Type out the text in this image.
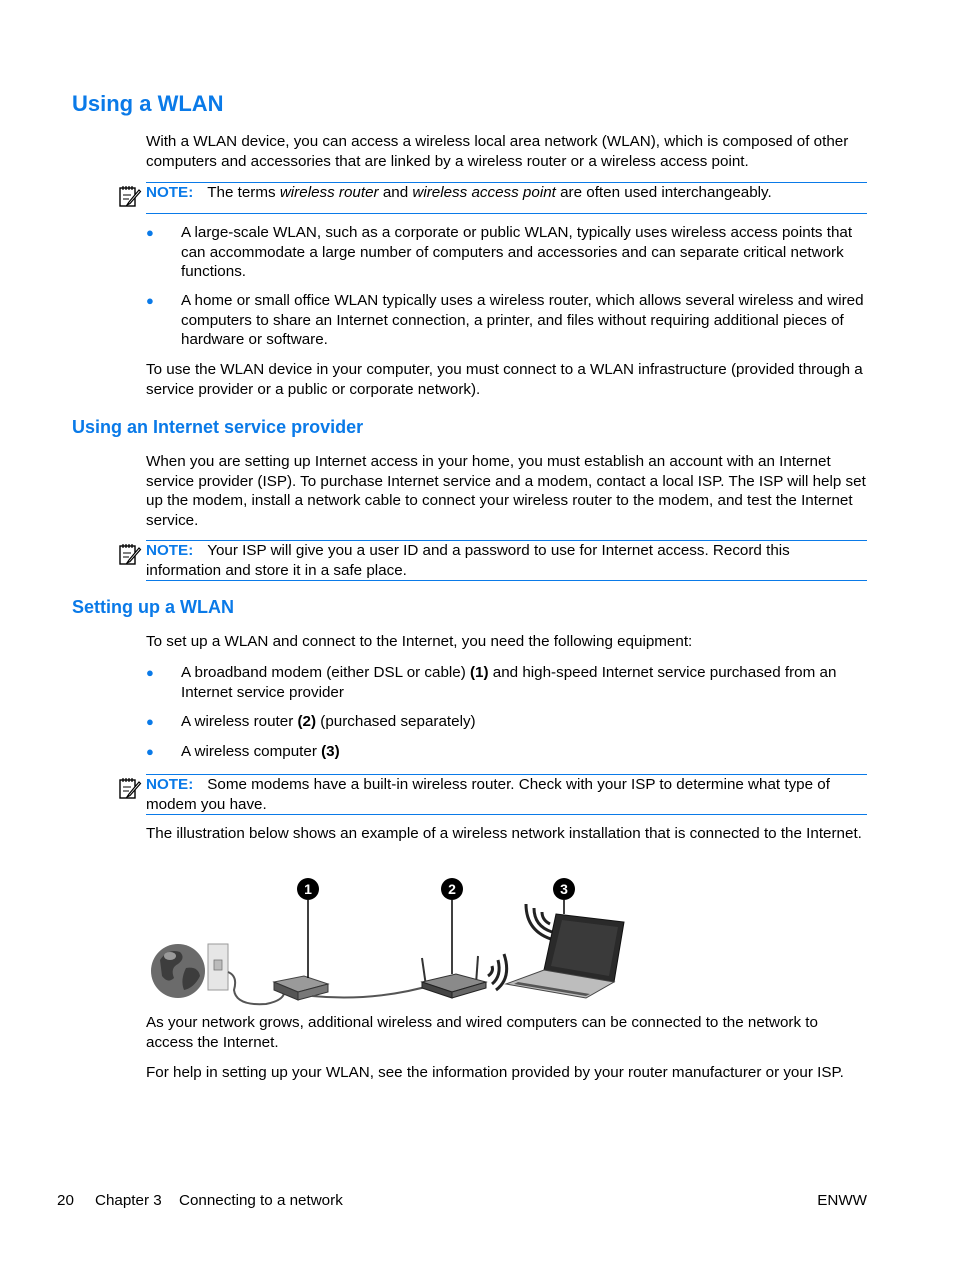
Using a WLAN
With a WLAN device, you can access a wireless local area network (WLAN), which is composed of other computers and accessories that are linked by a wireless router or a wireless access point.
NOTE: The terms wireless router and wireless access point are often used interchangeably.
● A large-scale WLAN, such as a corporate or public WLAN, typically uses wireless access points that can accommodate a large number of computers and accessories and can separate critical network functions.
● A home or small office WLAN typically uses a wireless router, which allows several wireless and wired computers to share an Internet connection, a printer, and files without requiring additional pieces of hardware or software.
To use the WLAN device in your computer, you must connect to a WLAN infrastructure (provided through a service provider or a public or corporate network).
Using an Internet service provider
When you are setting up Internet access in your home, you must establish an account with an Internet service provider (ISP). To purchase Internet service and a modem, contact a local ISP. The ISP will help set up the modem, install a network cable to connect your wireless router to the modem, and test the Internet service.
NOTE: Your ISP will give you a user ID and a password to use for Internet access. Record this information and store it in a safe place.
Setting up a WLAN
To set up a WLAN and connect to the Internet, you need the following equipment:
● A broadband modem (either DSL or cable) (1) and high-speed Internet service purchased from an Internet service provider
● A wireless router (2) (purchased separately)
● A wireless computer (3)
NOTE: Some modems have a built-in wireless router. Check with your ISP to determine what type of modem you have.
The illustration below shows an example of a wireless network installation that is connected to the Internet.
1	2	3
As your network grows, additional wireless and wired computers can be connected to the network to access the Internet.
For help in setting up your WLAN, see the information provided by your router manufacturer or your ISP.
20 Chapter 3 Connecting to a network	ENWW
